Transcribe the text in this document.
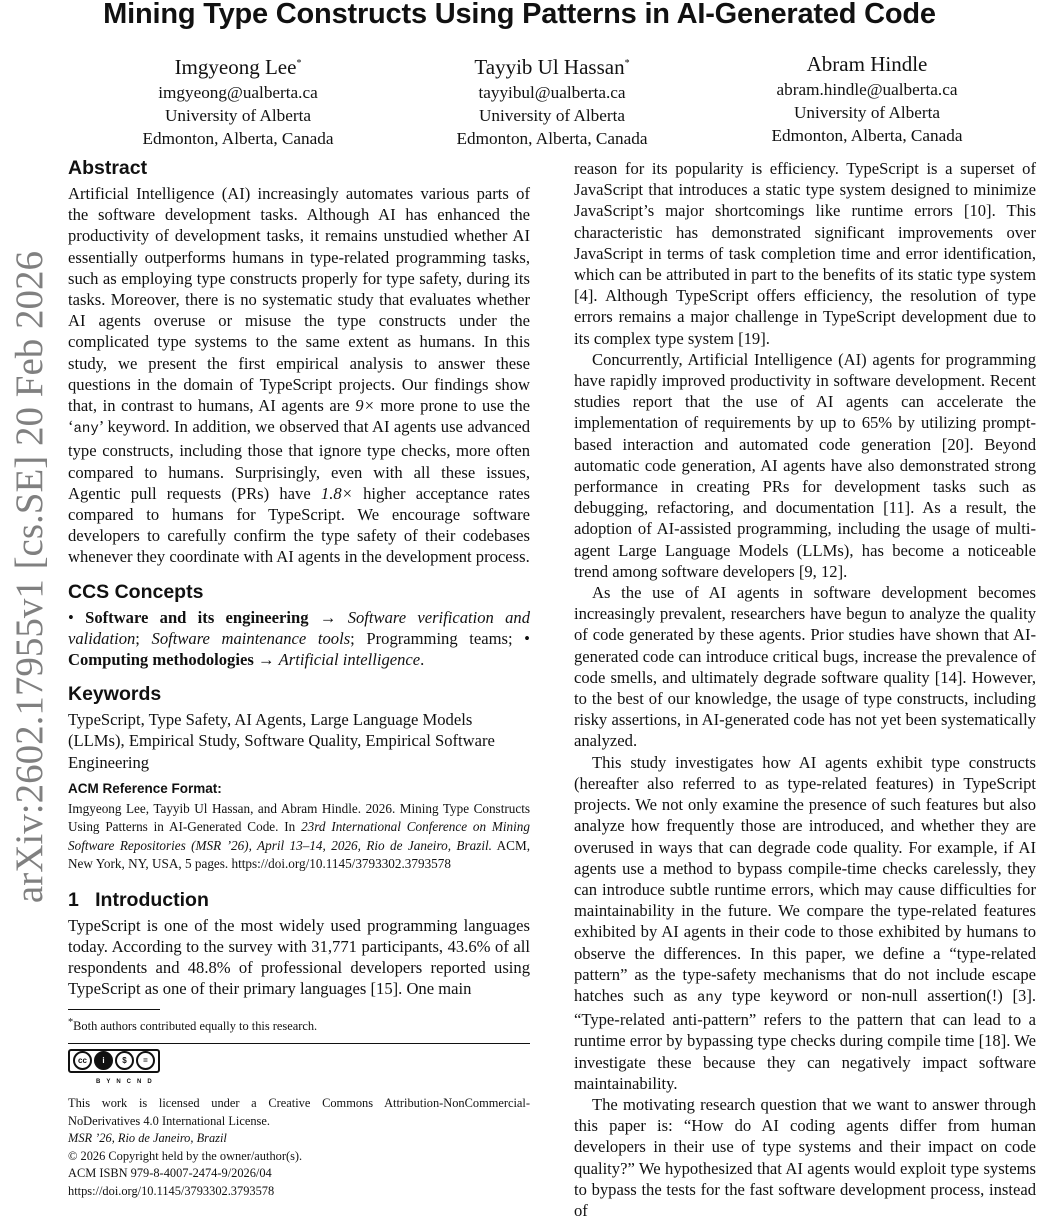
arXiv:2602.17955v1 [cs.SE] 20 Feb 2026
Mining Type Constructs Using Patterns in AI-Generated Code
Imgyeong Lee*
imgyeong@ualberta.ca
University of Alberta
Edmonton, Alberta, Canada
Tayyib Ul Hassan*
tayyibul@ualberta.ca
University of Alberta
Edmonton, Alberta, Canada
Abram Hindle
abram.hindle@ualberta.ca
University of Alberta
Edmonton, Alberta, Canada
Abstract

Artificial Intelligence (AI) increasingly automates various parts of the software development tasks. Although AI has enhanced the productivity of development tasks, it remains unstudied whether AI essentially outperforms humans in type-related programming tasks, such as employing type constructs properly for type safety, during its tasks. Moreover, there is no systematic study that evaluates whether AI agents overuse or misuse the type constructs under the complicated type systems to the same extent as humans. In this study, we present the first empirical analysis to answer these questions in the domain of TypeScript projects. Our findings show that, in contrast to humans, AI agents are 9× more prone to use the ‘any’ keyword. In addition, we observed that AI agents use advanced type constructs, including those that ignore type checks, more often compared to humans. Surprisingly, even with all these issues, Agentic pull requests (PRs) have 1.8× higher acceptance rates compared to humans for TypeScript. We encourage software developers to carefully confirm the type safety of their codebases whenever they coordinate with AI agents in the development process.

CCS Concepts

• Software and its engineering → Software verification and validation; Software maintenance tools; Programming teams; • Computing methodologies → Artificial intelligence.

Keywords

TypeScript, Type Safety, AI Agents, Large Language Models (LLMs), Empirical Study, Software Quality, Empirical Software Engineering

ACM Reference Format:

Imgyeong Lee, Tayyib Ul Hassan, and Abram Hindle. 2026. Mining Type Constructs Using Patterns in AI-Generated Code. In 23rd International Conference on Mining Software Repositories (MSR ’26), April 13–14, 2026, Rio de Janeiro, Brazil. ACM, New York, NY, USA, 5 pages. https://doi.org/10.1145/3793302.3793578

1 Introduction

TypeScript is one of the most widely used programming languages today. According to the survey with 31,771 participants, 43.6% of all respondents and 48.8% of professional developers reported using TypeScript as one of their primary languages [15]. One main

*Both authors contributed equally to this research.

cc	i	$	=
BYNCND

This work is licensed under a Creative Commons Attribution-NonCommercial-NoDerivatives 4.0 International License.

MSR ’26, Rio de Janeiro, Brazil

© 2026 Copyright held by the owner/author(s).

ACM ISBN 979-8-4007-2474-9/2026/04

https://doi.org/10.1145/3793302.3793578

reason for its popularity is efficiency. TypeScript is a superset of JavaScript that introduces a static type system designed to minimize JavaScript’s major shortcomings like runtime errors [10]. This characteristic has demonstrated significant improvements over JavaScript in terms of task completion time and error identification, which can be attributed in part to the benefits of its static type system [4]. Although TypeScript offers efficiency, the resolution of type errors remains a major challenge in TypeScript development due to its complex type system [19].

Concurrently, Artificial Intelligence (AI) agents for programming have rapidly improved productivity in software development. Recent studies report that the use of AI agents can accelerate the implementation of requirements by up to 65% by utilizing prompt-based interaction and automated code generation [20]. Beyond automatic code generation, AI agents have also demonstrated strong performance in creating PRs for development tasks such as debugging, refactoring, and documentation [11]. As a result, the adoption of AI-assisted programming, including the usage of multi-agent Large Language Models (LLMs), has become a noticeable trend among software developers [9, 12].

As the use of AI agents in software development becomes increasingly prevalent, researchers have begun to analyze the quality of code generated by these agents. Prior studies have shown that AI-generated code can introduce critical bugs, increase the prevalence of code smells, and ultimately degrade software quality [14]. However, to the best of our knowledge, the usage of type constructs, including risky assertions, in AI-generated code has not yet been systematically analyzed.

This study investigates how AI agents exhibit type constructs (hereafter also referred to as type-related features) in TypeScript projects. We not only examine the presence of such features but also analyze how frequently those are introduced, and whether they are overused in ways that can degrade code quality. For example, if AI agents use a method to bypass compile-time checks carelessly, they can introduce subtle runtime errors, which may cause difficulties for maintainability in the future. We compare the type-related features exhibited by AI agents in their code to those exhibited by humans to observe the differences. In this paper, we define a “type-related pattern” as the type-safety mechanisms that do not include escape hatches such as any type keyword or non-null assertion(!) [3]. “Type-related anti-pattern” refers to the pattern that can lead to a runtime error by bypassing type checks during compile time [18]. We investigate these because they can negatively impact software maintainability.

The motivating research question that we want to answer through this paper is: “How do AI coding agents differ from human developers in their use of type systems and their impact on code quality?” We hypothesized that AI agents would exploit type systems to bypass the tests for the fast software development process, instead of
